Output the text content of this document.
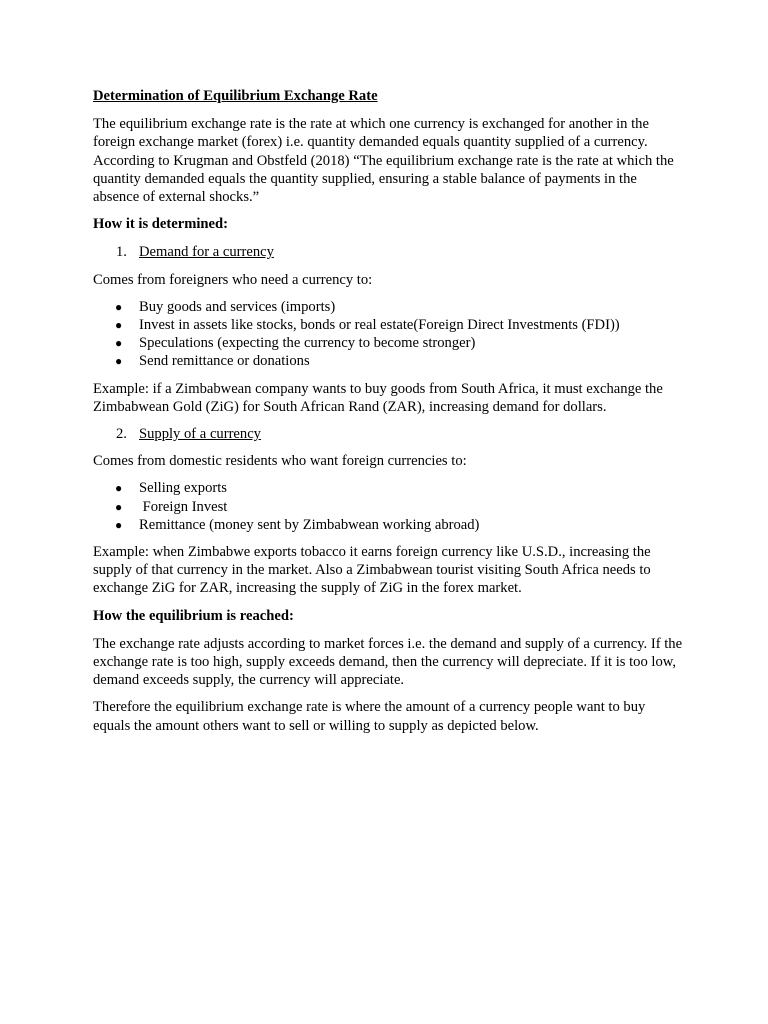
Determination of Equilibrium Exchange Rate

The equilibrium exchange rate is the rate at which one currency is exchanged for another in the foreign exchange market (forex) i.e. quantity demanded equals quantity supplied of a currency. According to Krugman and Obstfeld (2018) “The equilibrium exchange rate is the rate at which the quantity demanded equals the quantity supplied, ensuring a stable balance of payments in the absence of external shocks.”

How it is determined:

1. Demand for a currency

Comes from foreigners who need a currency to:

●	Buy goods and services (imports)
●	Invest in assets like stocks, bonds or real estate(Foreign Direct Investments (FDI))
●	Speculations (expecting the currency to become stronger)
●	Send remittance or donations

Example: if a Zimbabwean company wants to buy goods from South Africa, it must exchange the Zimbabwean Gold (ZiG) for South African Rand (ZAR), increasing demand for dollars.

2. Supply of a currency

Comes from domestic residents who want foreign currencies to:

●	Selling exports
●	Foreign Invest
●	Remittance (money sent by Zimbabwean working abroad)

Example: when Zimbabwe exports tobacco it earns foreign currency like U.S.D., increasing the supply of that currency in the market. Also a Zimbabwean tourist visiting South Africa needs to exchange ZiG for ZAR, increasing the supply of ZiG in the forex market.

How the equilibrium is reached:

The exchange rate adjusts according to market forces i.e. the demand and supply of a currency. If the exchange rate is too high, supply exceeds demand, then the currency will depreciate. If it is too low, demand exceeds supply, the currency will appreciate.

Therefore the equilibrium exchange rate is where the amount of a currency people want to buy equals the amount others want to sell or willing to supply as depicted below.
